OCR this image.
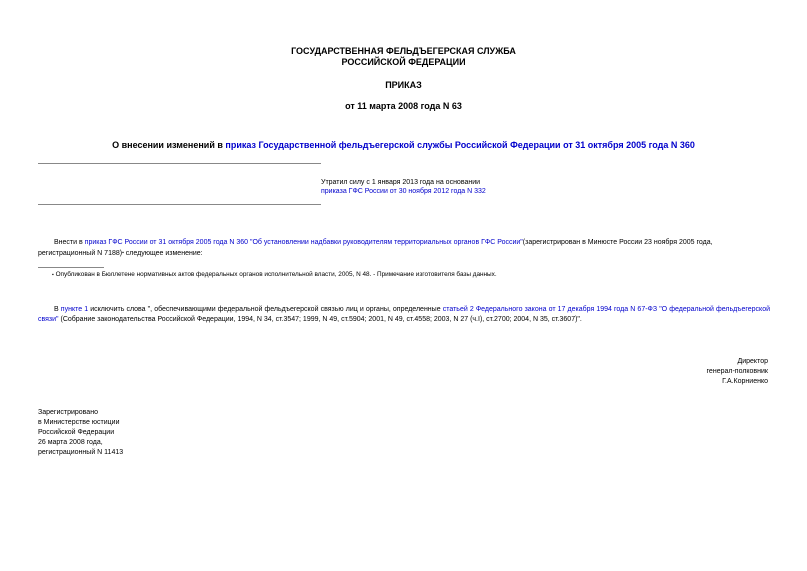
ГОСУДАРСТВЕННАЯ ФЕЛЬДЪЕГЕРСКАЯ СЛУЖБА
РОССИЙСКОЙ ФЕДЕРАЦИИ
ПРИКАЗ
от 11 марта 2008 года N 63
О внесении изменений в приказ Государственной фельдъегерской службы Российской Федерации от 31 октября 2005 года N 360
Утратил силу с 1 января 2013 года на основании
приказа ГФС России от 30 ноября 2012 года N 332
Внести в приказ ГФС России от 31 октября 2005 года N 360 "Об установлении надбавки руководителям территориальных органов ГФС России"(зарегистрирован в Минюсте России 23 ноября 2005 года,
регистрационный N 7188)▪ следующее изменение:
▪ Опубликован в Бюллетене нормативных актов федеральных органов исполнительной власти, 2005, N 48. - Примечание изготовителя базы данных.
В пункте 1 исключить слова ", обеспечивающими федеральной фельдъегерской связью лиц и органы, определенные статьей 2 Федерального закона от 17 декабря 1994 года N 67-ФЗ "О федеральной фельдъегерской связи" (Собрание законодательства Российской Федерации, 1994, N 34, ст.3547; 1999, N 49, ст.5904; 2001, N 49, ст.4558; 2003, N 27 (ч.I), ст.2700; 2004, N 35, ст.3607)".
Директор
генерал-полковник
Г.А.Корниенко
Зарегистрировано
в Министерстве юстиции
Российской Федерации
26 марта 2008 года,
регистрационный N 11413
